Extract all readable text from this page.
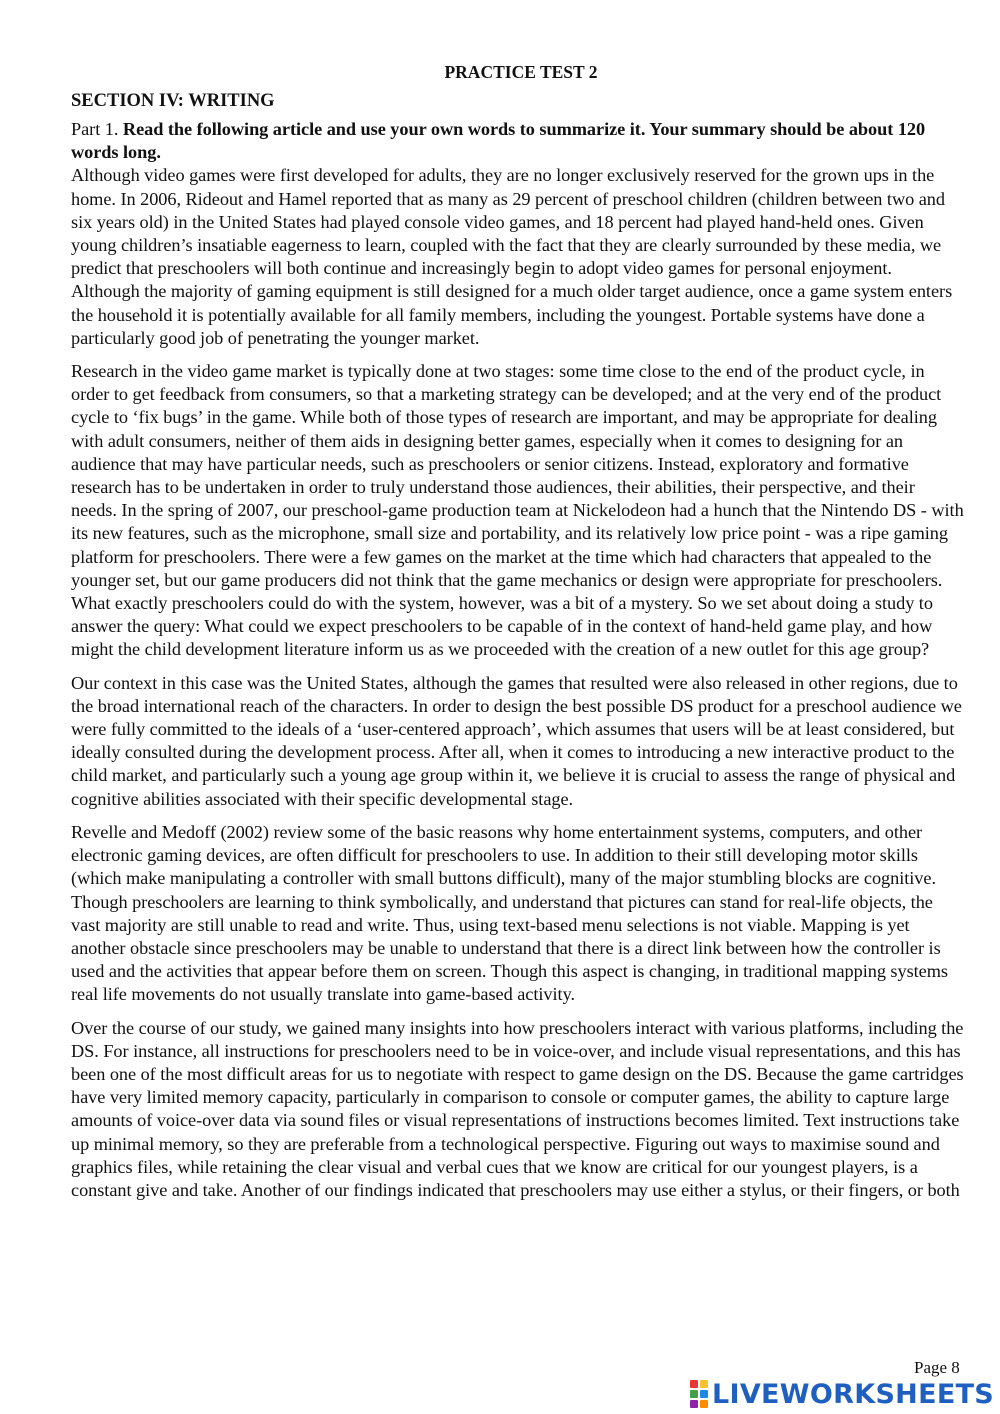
PRACTICE TEST 2
SECTION IV: WRITING

Part 1. Read the following article and use your own words to summarize it. Your summary should be about 120 words long.

Although video games were first developed for adults, they are no longer exclusively reserved for the grown ups in the home. In 2006, Rideout and Hamel reported that as many as 29 percent of preschool children (children between two and six years old) in the United States had played console video games, and 18 percent had played hand-held ones. Given young children’s insatiable eagerness to learn, coupled with the fact that they are clearly surrounded by these media, we predict that preschoolers will both continue and increasingly begin to adopt video games for personal enjoyment. Although the majority of gaming equipment is still designed for a much older target audience, once a game system enters the household it is potentially available for all family members, including the youngest. Portable systems have done a particularly good job of penetrating the younger market.

Research in the video game market is typically done at two stages: some time close to the end of the product cycle, in order to get feedback from consumers, so that a marketing strategy can be developed; and at the very end of the product cycle to ‘fix bugs’ in the game. While both of those types of research are important, and may be appropriate for dealing with adult consumers, neither of them aids in designing better games, especially when it comes to designing for an audience that may have particular needs, such as preschoolers or senior citizens. Instead, exploratory and formative research has to be undertaken in order to truly understand those audiences, their abilities, their perspective, and their needs. In the spring of 2007, our preschool-game production team at Nickelodeon had a hunch that the Nintendo DS - with its new features, such as the microphone, small size and portability, and its relatively low price point - was a ripe gaming platform for preschoolers. There were a few games on the market at the time which had characters that appealed to the younger set, but our game producers did not think that the game mechanics or design were appropriate for preschoolers. What exactly preschoolers could do with the system, however, was a bit of a mystery. So we set about doing a study to answer the query: What could we expect preschoolers to be capable of in the context of hand-held game play, and how might the child development literature inform us as we proceeded with the creation of a new outlet for this age group?

Our context in this case was the United States, although the games that resulted were also released in other regions, due to the broad international reach of the characters. In order to design the best possible DS product for a preschool audience we were fully committed to the ideals of a ‘user-centered approach’, which assumes that users will be at least considered, but ideally consulted during the development process. After all, when it comes to introducing a new interactive product to the child market, and particularly such a young age group within it, we believe it is crucial to assess the range of physical and cognitive abilities associated with their specific developmental stage.

Revelle and Medoff (2002) review some of the basic reasons why home entertainment systems, computers, and other electronic gaming devices, are often difficult for preschoolers to use. In addition to their still developing motor skills (which make manipulating a controller with small buttons difficult), many of the major stumbling blocks are cognitive. Though preschoolers are learning to think symbolically, and understand that pictures can stand for real-life objects, the vast majority are still unable to read and write. Thus, using text-based menu selections is not viable. Mapping is yet another obstacle since preschoolers may be unable to understand that there is a direct link between how the controller is used and the activities that appear before them on screen. Though this aspect is changing, in traditional mapping systems real life movements do not usually translate into game-based activity.

Over the course of our study, we gained many insights into how preschoolers interact with various platforms, including the DS. For instance, all instructions for preschoolers need to be in voice-over, and include visual representations, and this has been one of the most difficult areas for us to negotiate with respect to game design on the DS. Because the game cartridges have very limited memory capacity, particularly in comparison to console or computer games, the ability to capture large amounts of voice-over data via sound files or visual representations of instructions becomes limited. Text instructions take up minimal memory, so they are preferable from a technological perspective. Figuring out ways to maximise sound and graphics files, while retaining the clear visual and verbal cues that we know are critical for our youngest players, is a constant give and take. Another of our findings indicated that preschoolers may use either a stylus, or their fingers, or both

Page 8
LIVEWORKSHEETS
